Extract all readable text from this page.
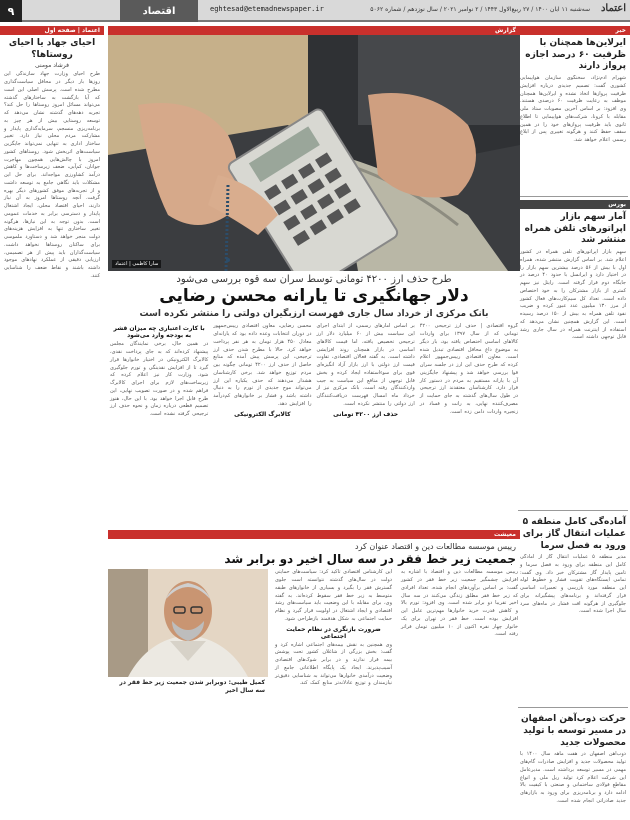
۹	اقتصاد	eghtesad@etemadnewspaper.ir	سه‌شنبه ۱۱ آبان ۱۴۰۰ / ۲۷ ربیع‌الاول ۱۴۴۳ / ۲ نوامبر ۲۰۲۱ / سال نوزدهم / شماره ۵۰۶۲ اعتماد
خبر
ایرلاین‌ها همچنان با ظرفیت ۶۰ درصد اجازه پرواز دارند
شهرام آدم‌نژاد، سخنگوی سازمان هواپیمایی کشوری گفت: تصمیم جدیدی درباره افزایش ظرفیت پروازها اتخاذ نشده و ایرلاین‌ها همچنان موظف به رعایت ظرفیت ۶۰ درصدی هستند. وی افزود: بر اساس آخرین مصوبات ستاد ملی مقابله با کرونا، شرکت‌های هواپیمایی تا اطلاع ثانوی باید ظرفیت پروازهای خود را در همین سقف حفظ کنند و هرگونه تغییری پس از ابلاغ رسمی اعلام خواهد شد.
بورس
آمار سهم بازار اپراتورهای تلفن همراه منتشر شد
سهم بازار اپراتورهای تلفن همراه در کشور اعلام شد. بر اساس گزارش منتشر شده، همراه اول با بیش از ۵۶ درصد بیشترین سهم بازار را در اختیار دارد و ایرانسل با حدود ۴۰ درصد در جایگاه دوم قرار گرفته است. رایتل نیز سهم کمتری از بازار مشترکان را به خود اختصاص داده است. تعداد کل سیم‌کارت‌های فعال کشور از مرز ۱۳۰ میلیون عدد عبور کرده و ضریب نفوذ تلفن همراه به بیش از ۱۵۰ درصد رسیده است. این گزارش همچنین نشان می‌دهد که استفاده از اینترنت همراه در سال جاری رشد قابل توجهی داشته است.
آماده‌گی کامل منطقه ۵ عملیات انتقال گاز برای ورود به فصل سرما
مدیر منطقه ۵ عملیات انتقال گاز از آمادگی کامل این منطقه برای ورود به فصل سرما و تامین پایدار گاز مشترکان خبر داد. وی گفت: تمامی ایستگاه‌های تقویت فشار و خطوط لوله این منطقه مورد بازرسی و تعمیرات اساسی قرار گرفته‌اند و برنامه‌های پیشگیرانه برای جلوگیری از هرگونه افت فشار در ماه‌های سرد سال اجرا شده است.
حرکت ذوب‌آهن اصفهان در مسیر توسعه با تولید محصولات جدید
ذوب‌آهن اصفهان در هفت ماهه سال ۱۴۰۰ با تولید محصولات جدید و افزایش صادرات گام‌های مهمی در مسیر توسعه برداشته است. مدیرعامل این شرکت اعلام کرد تولید ریل ملی و انواع مقاطع فولادی ساختمانی و صنعتی با کیفیت بالا ادامه دارد و برنامه‌ریزی برای ورود به بازارهای جدید صادراتی انجام شده است.
اعتماد | صفحه اول
احیای جهاد یا احیای روستاها؟
فرشاد مومنی
طرح احیای وزارت جهاد سازندگی این روزها بار دیگر در محافل سیاست‌گذاری مطرح شده است. پرسش اصلی این است که آیا بازگشت به ساختارهای گذشته می‌تواند مسائل امروز روستاها را حل کند؟ تجربه دهه‌های گذشته نشان می‌دهد که توسعه روستایی بیش از هر چیز به برنامه‌ریزی منسجم، سرمایه‌گذاری پایدار و مشارکت مردم محلی نیاز دارد. تغییر ساختار اداری به تنهایی نمی‌تواند جایگزین سیاست‌های اثربخش شود. روستاهای کشور امروز با چالش‌هایی همچون مهاجرت جوانان، کم‌آبی، ضعف زیرساخت‌ها و کاهش درآمد کشاورزی مواجه‌اند. برای حل این مشکلات باید نگاهی جامع به توسعه داشت و از تجربه‌های موفق کشورهای دیگر بهره گرفت. آنچه روستاها امروز به آن نیاز دارند، احیای اقتصاد محلی، ایجاد اشتغال پایدار و دسترسی برابر به خدمات عمومی است. بدون توجه به این نیازها، هرگونه تغییر ساختاری تنها به افزایش هزینه‌های دولت منجر خواهد شد و دستاورد ملموسی برای ساکنان روستاها نخواهد داشت. سیاست‌گذاران باید پیش از هر تصمیمی، ارزیابی دقیقی از عملکرد نهادهای موجود داشته باشند و نقاط ضعف را شناسایی کنند.
گزارش
سارا کاظمی | اعتماد
طرح حذف ارز ۴۲۰۰ تومانی توسط سران سه قوه بررسی می‌شود
دلار جهانگیری تا یارانه محسن رضایی
بانک مرکزی از خرداد سال جاری فهرست ارزبگیران دولتی را منتشر نکرده است
گروه اقتصادی | حذف ارز ترجیحی ۴۲۰۰ تومانی که از سال ۱۳۹۷ برای واردات کالاهای اساسی اختصاص یافته بود، بار دیگر به موضوع داغ محافل اقتصادی تبدیل شده است. معاون اقتصادی رییس‌جمهور اعلام کرده که طرح حذف این ارز در جلسه سران قوا بررسی خواهد شد و پیشنهاد جایگزینی آن با یارانه مستقیم به مردم در دستور کار قرار دارد. کارشناسان معتقدند ارز ترجیحی در طول سال‌های گذشته به جای حمایت از مصرف‌کننده نهایی، به رانت و فساد در زنجیره واردات دامن زده است.
بر اساس آمارهای رسمی، از ابتدای اجرای این سیاست بیش از ۶۰ میلیارد دلار ارز ترجیحی تخصیص یافته، اما قیمت کالاهای اساسی در بازار همچنان روند افزایشی داشته است. به گفته فعالان اقتصادی، تفاوت قیمت ارز دولتی با ارز بازار آزاد انگیزه‌ای قوی برای سوءاستفاده ایجاد کرده و بخش قابل توجهی از منافع این سیاست به جیب واردکنندگان رفته است. بانک مرکزی نیز از خرداد ماه امسال فهرست دریافت‌کنندگان ارز دولتی را منتشر نکرده است.
حذف ارز ۴۲۰۰ تومانی
محسن رضایی، معاون اقتصادی رییس‌جمهور در دوران انتخابات وعده داده بود که یارانه‌ای معادل ۴۵۰ هزار تومان به هر نفر پرداخت خواهد کرد. حالا با مطرح شدن حذف ارز ترجیحی، این پرسش پیش آمده که منابع حاصل از حذف ارز ۴۲۰۰ تومانی چگونه بین مردم توزیع خواهد شد. برخی کارشناسان هشدار می‌دهند که حذف یکباره این ارز می‌تواند موج جدیدی از تورم را به دنبال داشته باشد و فشار بر خانوارهای کم‌درآمد را افزایش دهد.
کالابرگ الکترونیکی
با کارت اعتباری چه میزان قشر به بودجه وارد می‌شود
در همین حال، برخی نمایندگان مجلس پیشنهاد کرده‌اند که به جای پرداخت نقدی، کالابرگ الکترونیکی در اختیار خانوارها قرار گیرد تا از افزایش نقدینگی و تورم جلوگیری شود. وزارت کار نیز اعلام کرده که زیرساخت‌های لازم برای اجرای کالابرگ فراهم شده و در صورت تصویب نهایی، این طرح قابل اجرا خواهد بود. با این حال، هنوز تصمیم قطعی درباره زمان و نحوه حذف ارز ترجیحی گرفته نشده است.
معیشت
رییس موسسه مطالعات دین و اقتصاد عنوان کرد
جمعیت زیر خط فقر در سه سال اخیر دو برابر شد
رییس موسسه مطالعات دین و اقتصاد با اشاره به افزایش چشمگیر جمعیت زیر خط فقر در کشور گفت: بر اساس برآوردهای انجام شده، تعداد افرادی که زیر خط فقر مطلق زندگی می‌کنند در سه سال اخیر تقریبا دو برابر شده است. وی افزود: تورم بالا و کاهش قدرت خرید خانوارها مهم‌ترین عامل این افزایش بوده است. خط فقر در تهران برای یک خانوار چهار نفره اکنون از ۱۰ میلیون تومان فراتر رفته است.
این کارشناس اقتصادی تاکید کرد: سیاست‌های حمایتی دولت در سال‌های گذشته نتوانسته است جلوی گسترش فقر را بگیرد و بسیاری از خانوارهای طبقه متوسط به زیر خط فقر سقوط کرده‌اند. به گفته وی، برای مقابله با این وضعیت باید سیاست‌های رشد اقتصادی و ایجاد اشتغال در اولویت قرار گیرد و نظام حمایت اجتماعی به شکل هدفمند بازطراحی شود.
ضرورت بازنگری در نظام حمایت اجتماعی
وی همچنین به نقش بیمه‌های اجتماعی اشاره کرد و گفت: بخش بزرگی از شاغلان کشور تحت پوشش بیمه قرار ندارند و در برابر شوک‌های اقتصادی آسیب‌پذیرند. ایجاد یک پایگاه اطلاعاتی جامع از وضعیت درآمدی خانوارها می‌تواند به شناسایی دقیق‌تر نیازمندان و توزیع عادلانه‌تر منابع کمک کند.
کمیل طیبی: دوبرابر شدن جمعیت زیر خط فقر در سه سال اخیر
